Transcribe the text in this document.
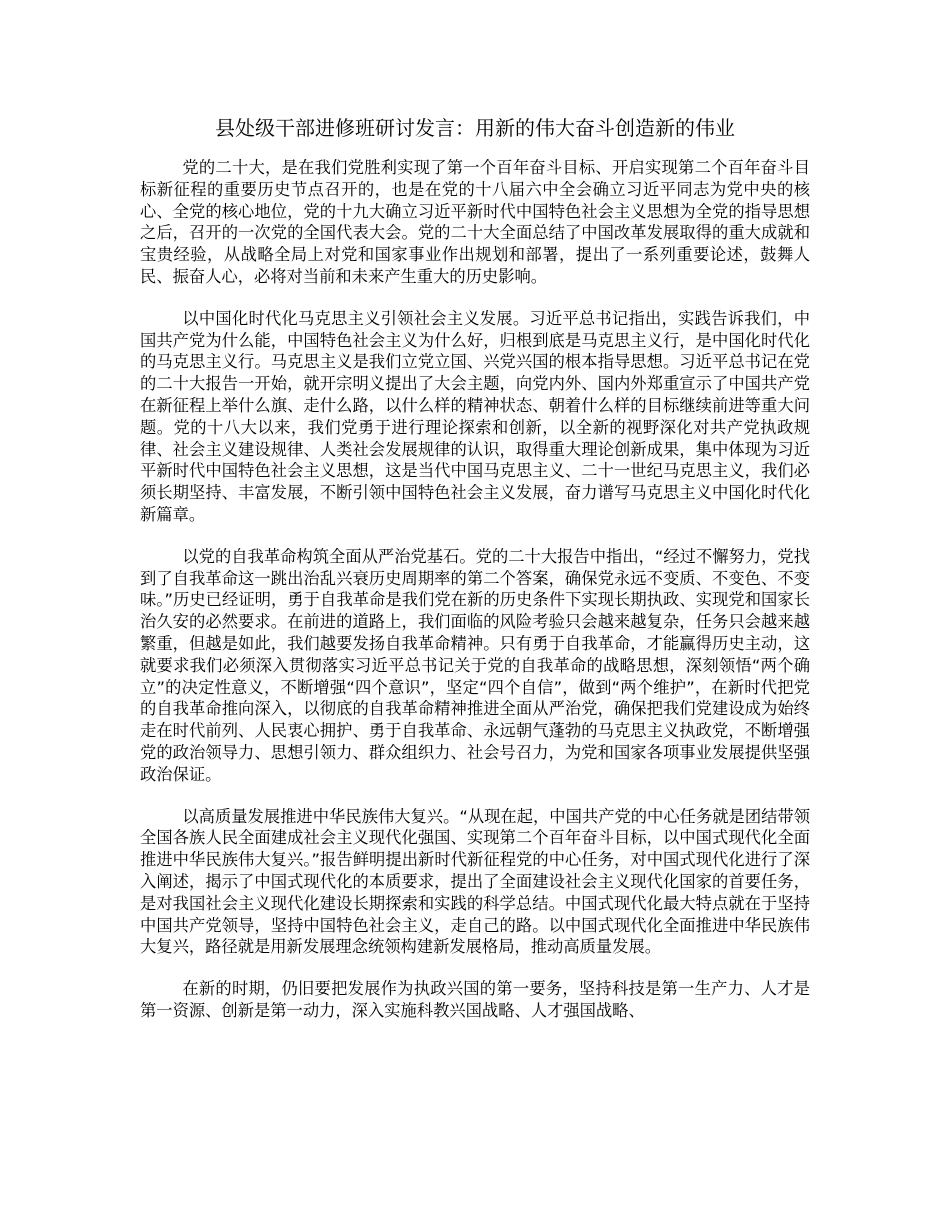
县处级干部进修班研讨发言：用新的伟大奋斗创造新的伟业

党的二十大，是在我们党胜利实现了第一个百年奋斗目标、开启实现第二个百年奋斗目标新征程的重要历史节点召开的，也是在党的十八届六中全会确立习近平同志为党中央的核心、全党的核心地位，党的十九大确立习近平新时代中国特色社会主义思想为全党的指导思想之后，召开的一次党的全国代表大会。党的二十大全面总结了中国改革发展取得的重大成就和宝贵经验，从战略全局上对党和国家事业作出规划和部署，提出了一系列重要论述，鼓舞人民、振奋人心，必将对当前和未来产生重大的历史影响。

以中国化时代化马克思主义引领社会主义发展。习近平总书记指出，实践告诉我们，中国共产党为什么能，中国特色社会主义为什么好，归根到底是马克思主义行，是中国化时代化的马克思主义行。马克思主义是我们立党立国、兴党兴国的根本指导思想。习近平总书记在党的二十大报告一开始，就开宗明义提出了大会主题，向党内外、国内外郑重宣示了中国共产党在新征程上举什么旗、走什么路，以什么样的精神状态、朝着什么样的目标继续前进等重大问题。党的十八大以来，我们党勇于进行理论探索和创新，以全新的视野深化对共产党执政规律、社会主义建设规律、人类社会发展规律的认识，取得重大理论创新成果，集中体现为习近平新时代中国特色社会主义思想，这是当代中国马克思主义、二十一世纪马克思主义，我们必须长期坚持、丰富发展，不断引领中国特色社会主义发展，奋力谱写马克思主义中国化时代化新篇章。

以党的自我革命构筑全面从严治党基石。党的二十大报告中指出，“经过不懈努力，党找到了自我革命这一跳出治乱兴衰历史周期率的第二个答案，确保党永远不变质、不变色、不变味。”历史已经证明，勇于自我革命是我们党在新的历史条件下实现长期执政、实现党和国家长治久安的必然要求。在前进的道路上，我们面临的风险考验只会越来越复杂，任务只会越来越繁重，但越是如此，我们越要发扬自我革命精神。只有勇于自我革命，才能赢得历史主动，这就要求我们必须深入贯彻落实习近平总书记关于党的自我革命的战略思想，深刻领悟“两个确立”的决定性意义，不断增强“四个意识”，坚定“四个自信”，做到“两个维护”，在新时代把党的自我革命推向深入，以彻底的自我革命精神推进全面从严治党，确保把我们党建设成为始终走在时代前列、人民衷心拥护、勇于自我革命、永远朝气蓬勃的马克思主义执政党，不断增强党的政治领导力、思想引领力、群众组织力、社会号召力，为党和国家各项事业发展提供坚强政治保证。

以高质量发展推进中华民族伟大复兴。“从现在起，中国共产党的中心任务就是团结带领全国各族人民全面建成社会主义现代化强国、实现第二个百年奋斗目标，以中国式现代化全面推进中华民族伟大复兴。”报告鲜明提出新时代新征程党的中心任务，对中国式现代化进行了深入阐述，揭示了中国式现代化的本质要求，提出了全面建设社会主义现代化国家的首要任务，是对我国社会主义现代化建设长期探索和实践的科学总结。中国式现代化最大特点就在于坚持中国共产党领导，坚持中国特色社会主义，走自己的路。以中国式现代化全面推进中华民族伟大复兴，路径就是用新发展理念统领构建新发展格局，推动高质量发展。

在新的时期，仍旧要把发展作为执政兴国的第一要务，坚持科技是第一生产力、人才是第一资源、创新是第一动力，深入实施科教兴国战略、人才强国战略、
